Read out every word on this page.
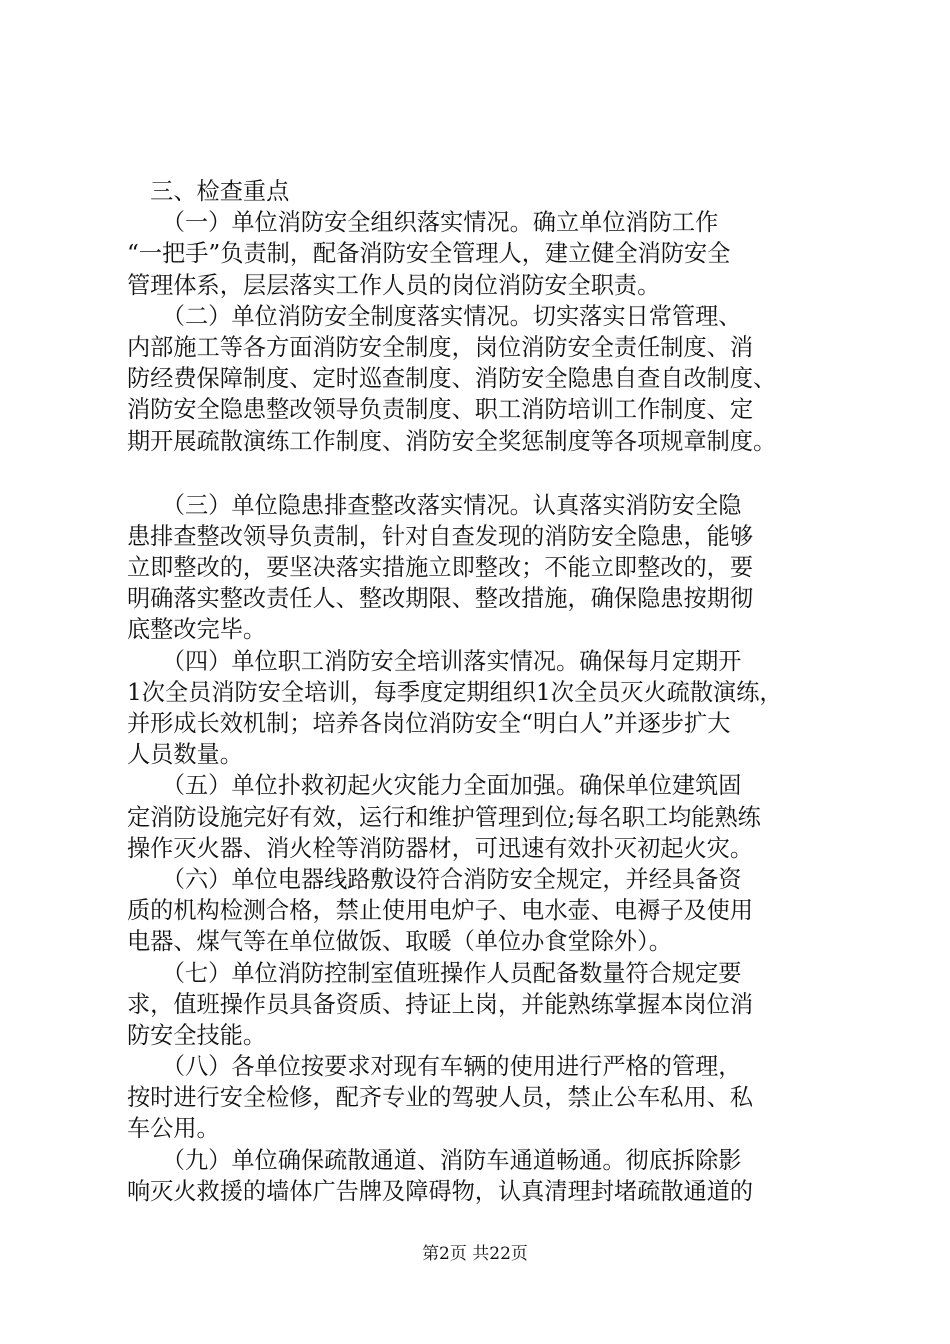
　三、检查重点
　　（一）单位消防安全组织落实情况。确立单位消防工作
“一把手”负责制，配备消防安全管理人，建立健全消防安全
管理体系，层层落实工作人员的岗位消防安全职责。
　　（二）单位消防安全制度落实情况。切实落实日常管理、
内部施工等各方面消防安全制度，岗位消防安全责任制度、消
防经费保障制度、定时巡查制度、消防安全隐患自查自改制度、
消防安全隐患整改领导负责制度、职工消防培训工作制度、定
期开展疏散演练工作制度、消防安全奖惩制度等各项规章制度。
　　（三）单位隐患排查整改落实情况。认真落实消防安全隐
患排查整改领导负责制，针对自查发现的消防安全隐患，能够
立即整改的，要坚决落实措施立即整改；不能立即整改的，要
明确落实整改责任人、整改期限、整改措施，确保隐患按期彻
底整改完毕。
　　（四）单位职工消防安全培训落实情况。确保每月定期开
1次全员消防安全培训，每季度定期组织1次全员灭火疏散演练，
并形成长效机制；培养各岗位消防安全“明白人”并逐步扩大
人员数量。
　　（五）单位扑救初起火灾能力全面加强。确保单位建筑固
定消防设施完好有效，运行和维护管理到位;每名职工均能熟练
操作灭火器、消火栓等消防器材，可迅速有效扑灭初起火灾。
　　（六）单位电器线路敷设符合消防安全规定，并经具备资
质的机构检测合格，禁止使用电炉子、电水壶、电褥子及使用
电器、煤气等在单位做饭、取暖（单位办食堂除外）。
　　（七）单位消防控制室值班操作人员配备数量符合规定要
求，值班操作员具备资质、持证上岗，并能熟练掌握本岗位消
防安全技能。
　　（八）各单位按要求对现有车辆的使用进行严格的管理，
按时进行安全检修，配齐专业的驾驶人员，禁止公车私用、私
车公用。
　　（九）单位确保疏散通道、消防车通道畅通。彻底拆除影
响灭火救援的墙体广告牌及障碍物，认真清理封堵疏散通道的
第2页 共22页
